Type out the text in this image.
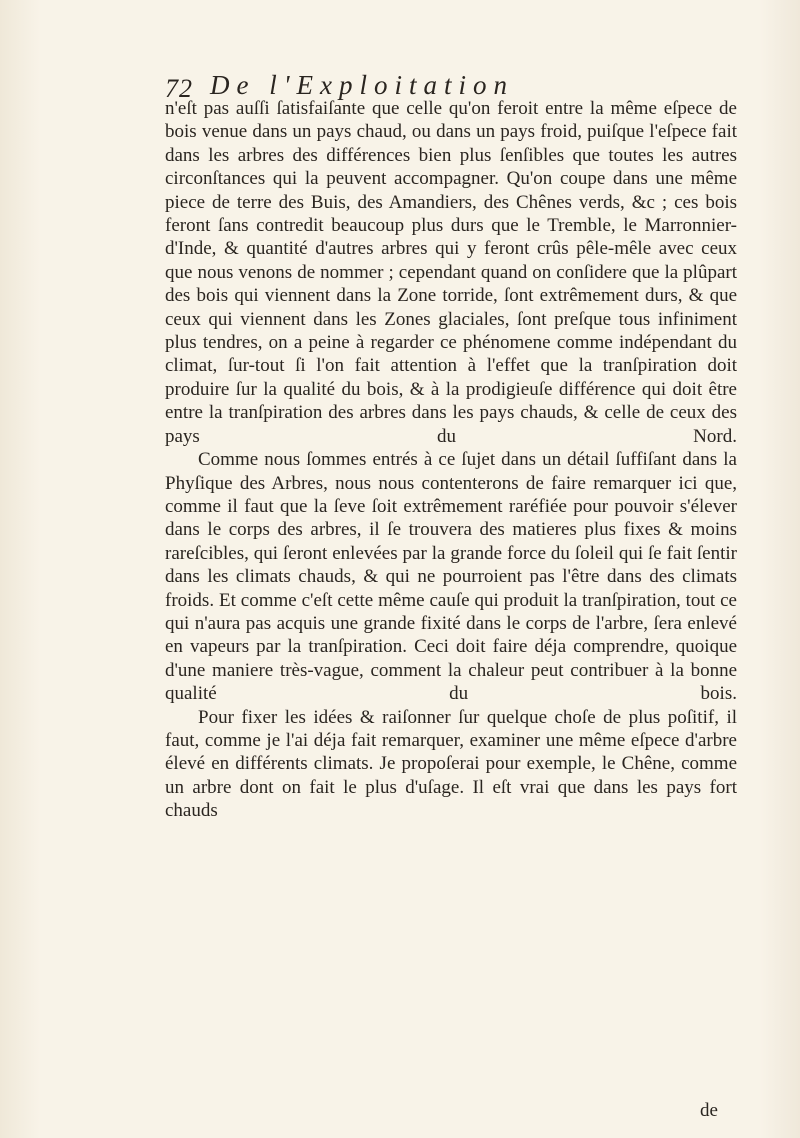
72 De l'Exploitation

n'eſt pas auſſi ſatisfaiſante que celle qu'on feroit entre la même eſpece de bois venue dans un pays chaud, ou dans un pays froid, puiſque l'eſpece fait dans les arbres des différences bien plus ſenſibles que toutes les autres circonſtances qui la peuvent accompagner. Qu'on coupe dans une même piece de terre des Buis, des Amandiers, des Chênes verds, &c ; ces bois feront ſans contredit beaucoup plus durs que le Tremble, le Marronnier-d'Inde, & quantité d'autres arbres qui y feront crûs pêle-mêle avec ceux que nous venons de nommer ; cependant quand on conſidere que la plûpart des bois qui viennent dans la Zone torride, ſont extrêmement durs, & que ceux qui viennent dans les Zones glaciales, ſont preſque tous infiniment plus tendres, on a peine à regarder ce phénomene comme indépendant du climat, ſur-tout ſi l'on fait attention à l'effet que la tranſpiration doit produire ſur la qualité du bois, & à la prodigieuſe différence qui doit être entre la tranſpiration des arbres dans les pays chauds, & celle de ceux des pays du Nord.

Comme nous ſommes entrés à ce ſujet dans un détail ſuffiſant dans la Phyſique des Arbres, nous nous contenterons de faire remarquer ici que, comme il faut que la ſeve ſoit extrêmement raréfiée pour pouvoir s'élever dans le corps des arbres, il ſe trouvera des matieres plus fixes & moins rareſcibles, qui ſeront enlevées par la grande force du ſoleil qui ſe fait ſentir dans les climats chauds, & qui ne pourroient pas l'être dans des climats froids. Et comme c'eſt cette même cauſe qui produit la tranſpiration, tout ce qui n'aura pas acquis une grande fixité dans le corps de l'arbre, ſera enlevé en vapeurs par la tranſpiration. Ceci doit faire déja comprendre, quoique d'une maniere très-vague, comment la chaleur peut contribuer à la bonne qualité du bois.

Pour fixer les idées & raiſonner ſur quelque choſe de plus poſitif, il faut, comme je l'ai déja fait remarquer, examiner une même eſpece d'arbre élevé en différents climats. Je propoſerai pour exemple, le Chêne, comme un arbre dont on fait le plus d'uſage. Il eſt vrai que dans les pays fort chauds

de
